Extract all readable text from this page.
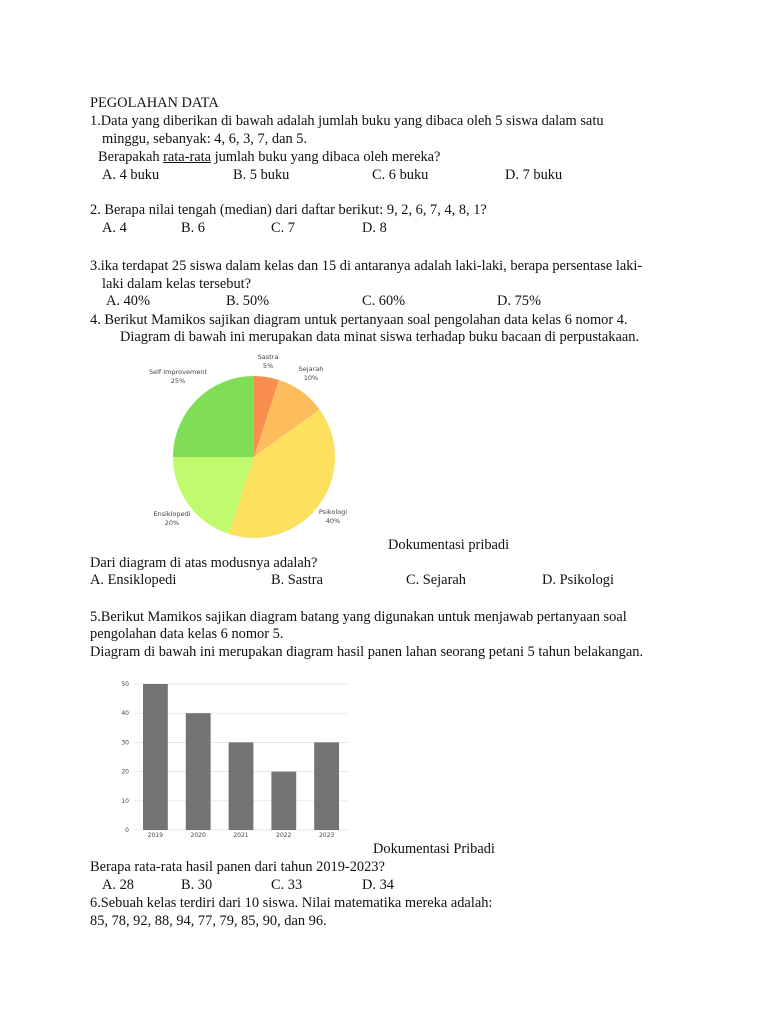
PEGOLAHAN DATA
1.Data yang diberikan di bawah adalah jumlah buku yang dibaca oleh 5 siswa dalam satu
minggu, sebanyak: 4, 6, 3, 7, dan 5.
Berapakah rata-rata jumlah buku yang dibaca oleh mereka?
A. 4 buku	B. 5 buku	C. 6 buku	D. 7 buku
2. Berapa nilai tengah (median) dari daftar berikut: 9, 2, 6, 7, 4, 8, 1?
A. 4	B. 6	C. 7	D. 8
3.ika terdapat 25 siswa dalam kelas dan 15 di antaranya adalah laki-laki, berapa persentase laki-
laki dalam kelas tersebut?
A. 40%	B. 50%	C. 60%	D. 75%
4. Berikut Mamikos sajikan diagram untuk pertanyaan soal pengolahan data kelas 6 nomor 4.
Diagram di bawah ini merupakan data minat siswa terhadap buku bacaan di perpustakaan.
Sastra
5%	Sejarah
10%
Psikologi
40%
Ensiklopedi
20%
Self Improvement
25%
Dokumentasi pribadi
Dari diagram di atas modusnya adalah?
A. Ensiklopedi	B. Sastra	C. Sejarah	D. Psikologi
5.Berikut Mamikos sajikan diagram batang yang digunakan untuk menjawab pertanyaan soal
pengolahan data kelas 6 nomor 5.
Diagram di bawah ini merupakan diagram hasil panen lahan seorang petani 5 tahun belakangan.
0
10
20
30
40
50
2019	2020	2021	2022	2023
Dokumentasi Pribadi
Berapa rata-rata hasil panen dari tahun 2019-2023?
A. 28	B. 30	C. 33	D. 34
6.Sebuah kelas terdiri dari 10 siswa. Nilai matematika mereka adalah:
85, 78, 92, 88, 94, 77, 79, 85, 90, dan 96.
